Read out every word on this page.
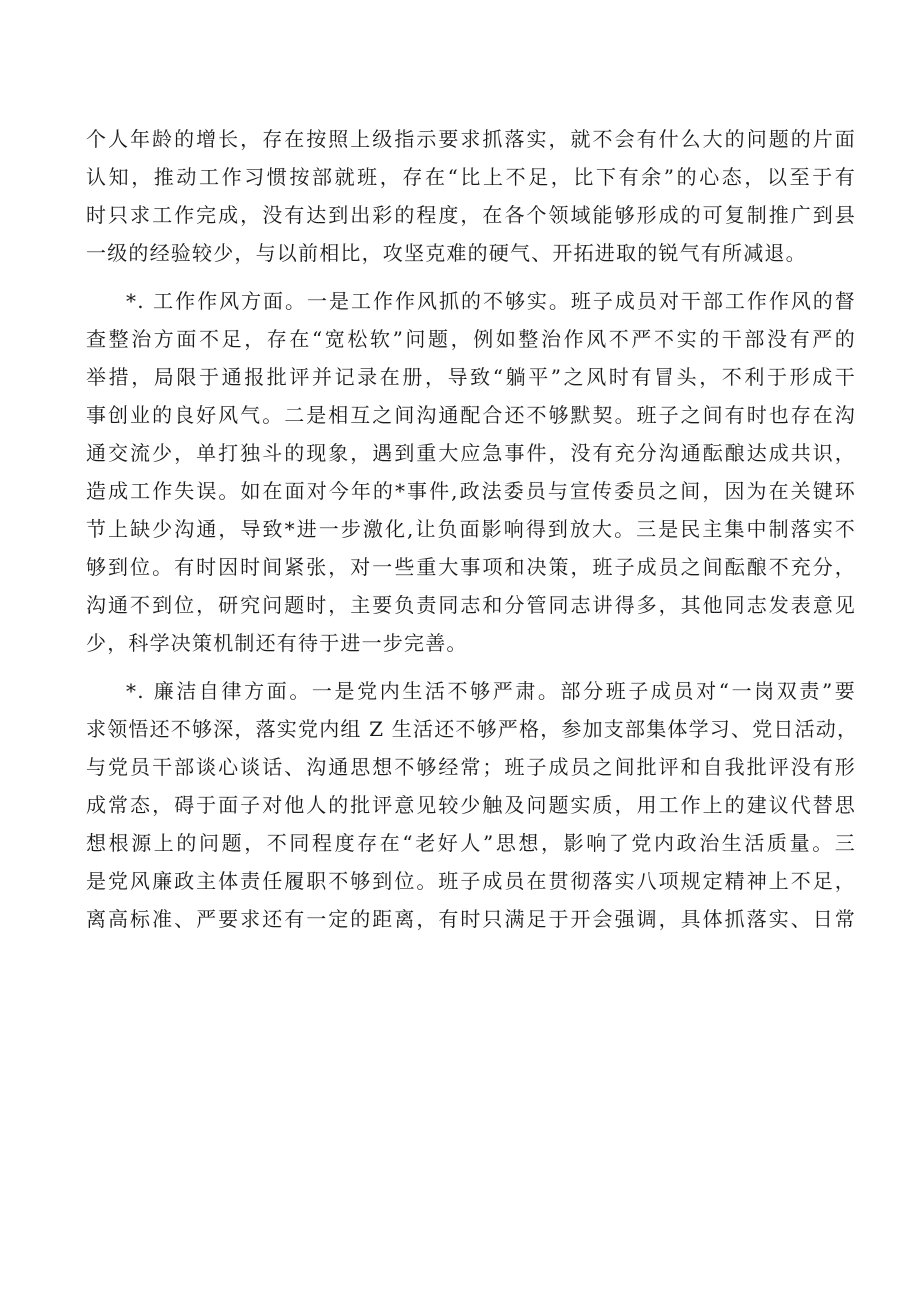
个人年龄的增长，存在按照上级指示要求抓落实，就不会有什么大的问题的片面
认知，推动工作习惯按部就班，存在“比上不足，比下有余”的心态，以至于有
时只求工作完成，没有达到出彩的程度，在各个领域能够形成的可复制推广到县
一级的经验较少，与以前相比，攻坚克难的硬气、开拓进取的锐气有所减退。
*. 工作作风方面。一是工作作风抓的不够实。班子成员对干部工作作风的督
查整治方面不足，存在“宽松软”问题，例如整治作风不严不实的干部没有严的
举措，局限于通报批评并记录在册，导致“躺平”之风时有冒头，不利于形成干
事创业的良好风气。二是相互之间沟通配合还不够默契。班子之间有时也存在沟
通交流少，单打独斗的现象，遇到重大应急事件，没有充分沟通酝酿达成共识，
造成工作失误。如在面对今年的*事件,政法委员与宣传委员之间，因为在关键环
节上缺少沟通，导致*进一步激化,让负面影响得到放大。三是民主集中制落实不
够到位。有时因时间紧张，对一些重大事项和决策，班子成员之间酝酿不充分，
沟通不到位，研究问题时，主要负责同志和分管同志讲得多，其他同志发表意见
少，科学决策机制还有待于进一步完善。
*. 廉洁自律方面。一是党内生活不够严肃。部分班子成员对“一岗双责”要
求领悟还不够深，落实党内组 Z 生活还不够严格，参加支部集体学习、党日活动，
与党员干部谈心谈话、沟通思想不够经常；班子成员之间批评和自我批评没有形
成常态，碍于面子对他人的批评意见较少触及问题实质，用工作上的建议代替思
想根源上的问题，不同程度存在“老好人”思想，影响了党内政治生活质量。三
是党风廉政主体责任履职不够到位。班子成员在贯彻落实八项规定精神上不足，
离高标准、严要求还有一定的距离，有时只满足于开会强调，具体抓落实、日常
